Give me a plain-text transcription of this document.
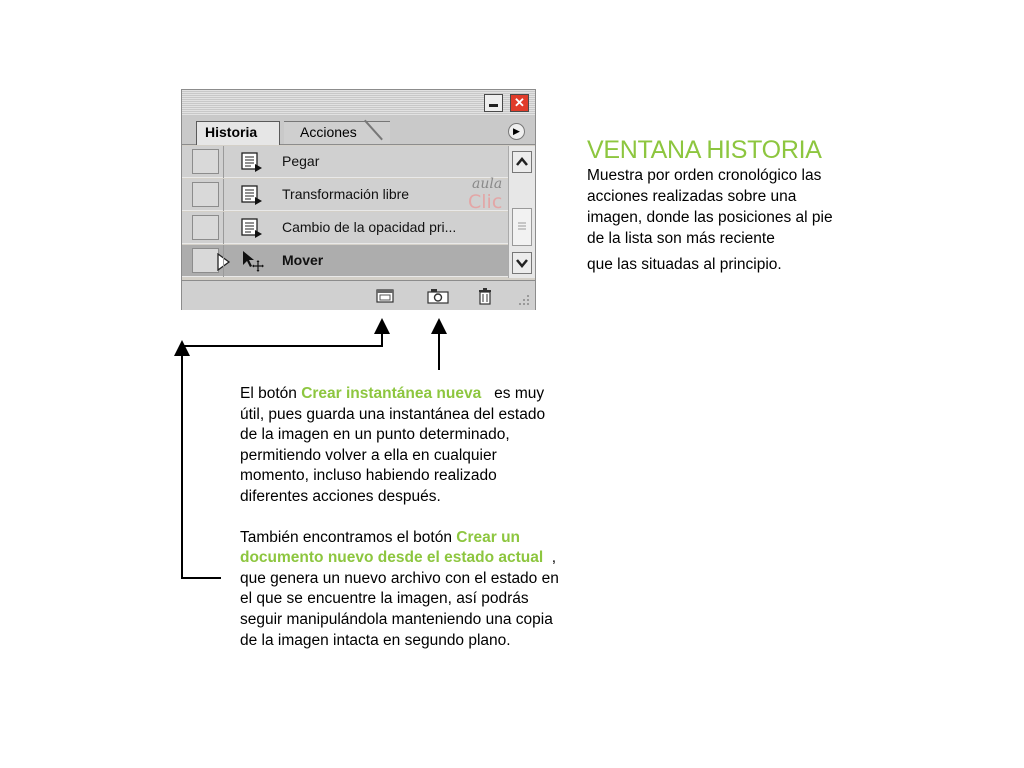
✕
Historia	Acciones	▶
Pegar
Transformación libre
Cambio de la opacidad pri...
Mover
aula
Clic
VENTANA HISTORIA
Muestra por orden cronológico las acciones realizadas sobre una imagen, donde las posiciones al pie de la lista son más reciente
que las situadas al principio.
El botón Crear instantánea nueva   es muy útil, pues guarda una instantánea del estado de la imagen en un punto determinado, permitiendo volver a ella en cualquier momento, incluso habiendo realizado diferentes acciones después.
También encontramos el botón Crear un documento nuevo desde el estado actual  , que genera un nuevo archivo con el estado en el que se encuentre la imagen, así podrás seguir manipulándola manteniendo una copia de la imagen intacta en segundo plano.
